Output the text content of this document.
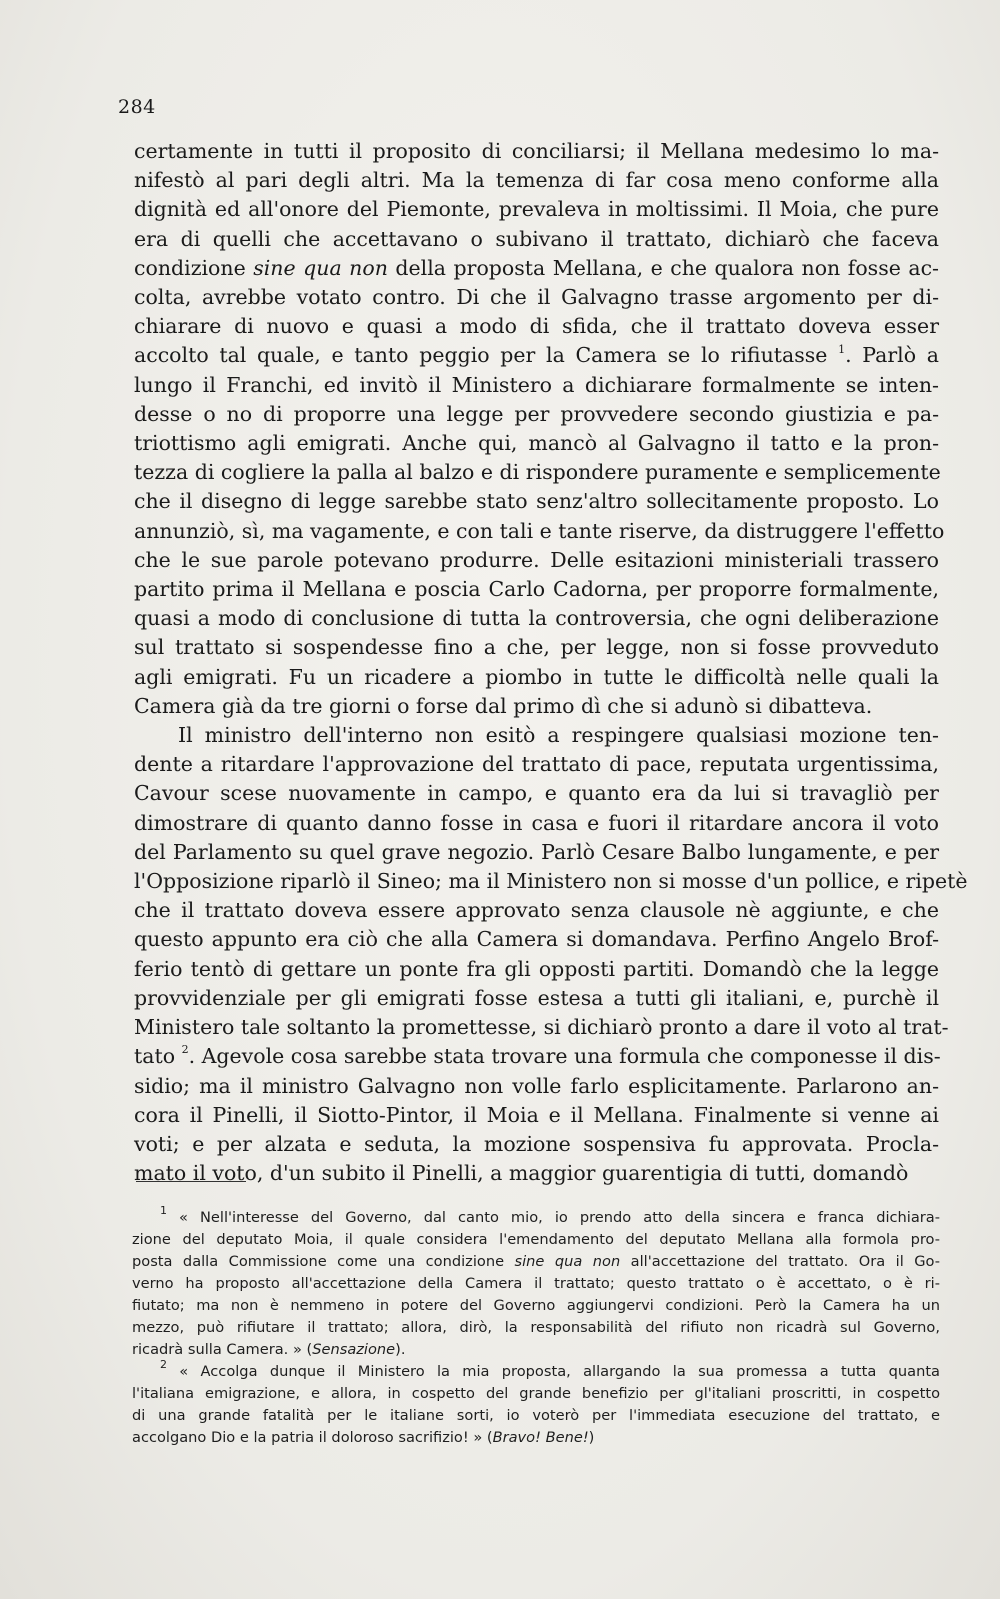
284
certamente in tutti il proposito di conciliarsi; il Mellana medesimo lo ma-
nifestò al pari degli altri. Ma la temenza di far cosa meno conforme alla
dignità ed all'onore del Piemonte, prevaleva in moltissimi. Il Moia, che pure
era di quelli che accettavano o subivano il trattato, dichiarò che faceva
condizione sine qua non della proposta Mellana, e che qualora non fosse ac-
colta, avrebbe votato contro. Di che il Galvagno trasse argomento per di-
chiarare di nuovo e quasi a modo di sfida, che il trattato doveva esser
accolto tal quale, e tanto peggio per la Camera se lo rifiutasse $^1$. Parlò a
lungo il Franchi, ed invitò il Ministero a dichiarare formalmente se inten-
desse o no di proporre una legge per provvedere secondo giustizia e pa-
triottismo agli emigrati. Anche qui, mancò al Galvagno il tatto e la pron-
tezza di cogliere la palla al balzo e di rispondere puramente e semplicemente
che il disegno di legge sarebbe stato senz'altro sollecitamente proposto. Lo
annunziò, sì, ma vagamente, e con tali e tante riserve, da distruggere l'effetto
che le sue parole potevano produrre. Delle esitazioni ministeriali trassero
partito prima il Mellana e poscia Carlo Cadorna, per proporre formalmente,
quasi a modo di conclusione di tutta la controversia, che ogni deliberazione
sul trattato si sospendesse fino a che, per legge, non si fosse provveduto
agli emigrati. Fu un ricadere a piombo in tutte le difficoltà nelle quali la
Camera già da tre giorni o forse dal primo dì che si adunò si dibatteva.
Il ministro dell'interno non esitò a respingere qualsiasi mozione ten-
dente a ritardare l'approvazione del trattato di pace, reputata urgentissima,
Cavour scese nuovamente in campo, e quanto era da lui si travagliò per
dimostrare di quanto danno fosse in casa e fuori il ritardare ancora il voto
del Parlamento su quel grave negozio. Parlò Cesare Balbo lungamente, e per
l'Opposizione riparlò il Sineo; ma il Ministero non si mosse d'un pollice, e ripetè
che il trattato doveva essere approvato senza clausole nè aggiunte, e che
questo appunto era ciò che alla Camera si domandava. Perfino Angelo Brof-
ferio tentò di gettare un ponte fra gli opposti partiti. Domandò che la legge
provvidenziale per gli emigrati fosse estesa a tutti gli italiani, e, purchè il
Ministero tale soltanto la promettesse, si dichiarò pronto a dare il voto al trat-
tato $^2$. Agevole cosa sarebbe stata trovare una formula che componesse il dis-
sidio; ma il ministro Galvagno non volle farlo esplicitamente. Parlarono an-
cora il Pinelli, il Siotto-Pintor, il Moia e il Mellana. Finalmente si venne ai
voti; e per alzata e seduta, la mozione sospensiva fu approvata. Procla-
mato il voto, d'un subito il Pinelli, a maggior guarentigia di tutti, domandò
$^1$ « Nell'interesse del Governo, dal canto mio, io prendo atto della sincera e franca dichiara-
zione del deputato Moia, il quale considera l'emendamento del deputato Mellana alla formola pro-
posta dalla Commissione come una condizione sine qua non all'accettazione del trattato. Ora il Go-
verno ha proposto all'accettazione della Camera il trattato; questo trattato o è accettato, o è ri-
fiutato; ma non è nemmeno in potere del Governo aggiungervi condizioni. Però la Camera ha un
mezzo, può rifiutare il trattato; allora, dirò, la responsabilità del rifiuto non ricadrà sul Governo,
ricadrà sulla Camera. » (Sensazione).
$^2$ « Accolga dunque il Ministero la mia proposta, allargando la sua promessa a tutta quanta
l'italiana emigrazione, e allora, in cospetto del grande benefizio per gl'italiani proscritti, in cospetto
di una grande fatalità per le italiane sorti, io voterò per l'immediata esecuzione del trattato, e
accolgano Dio e la patria il doloroso sacrifizio! » (Bravo! Bene!)
